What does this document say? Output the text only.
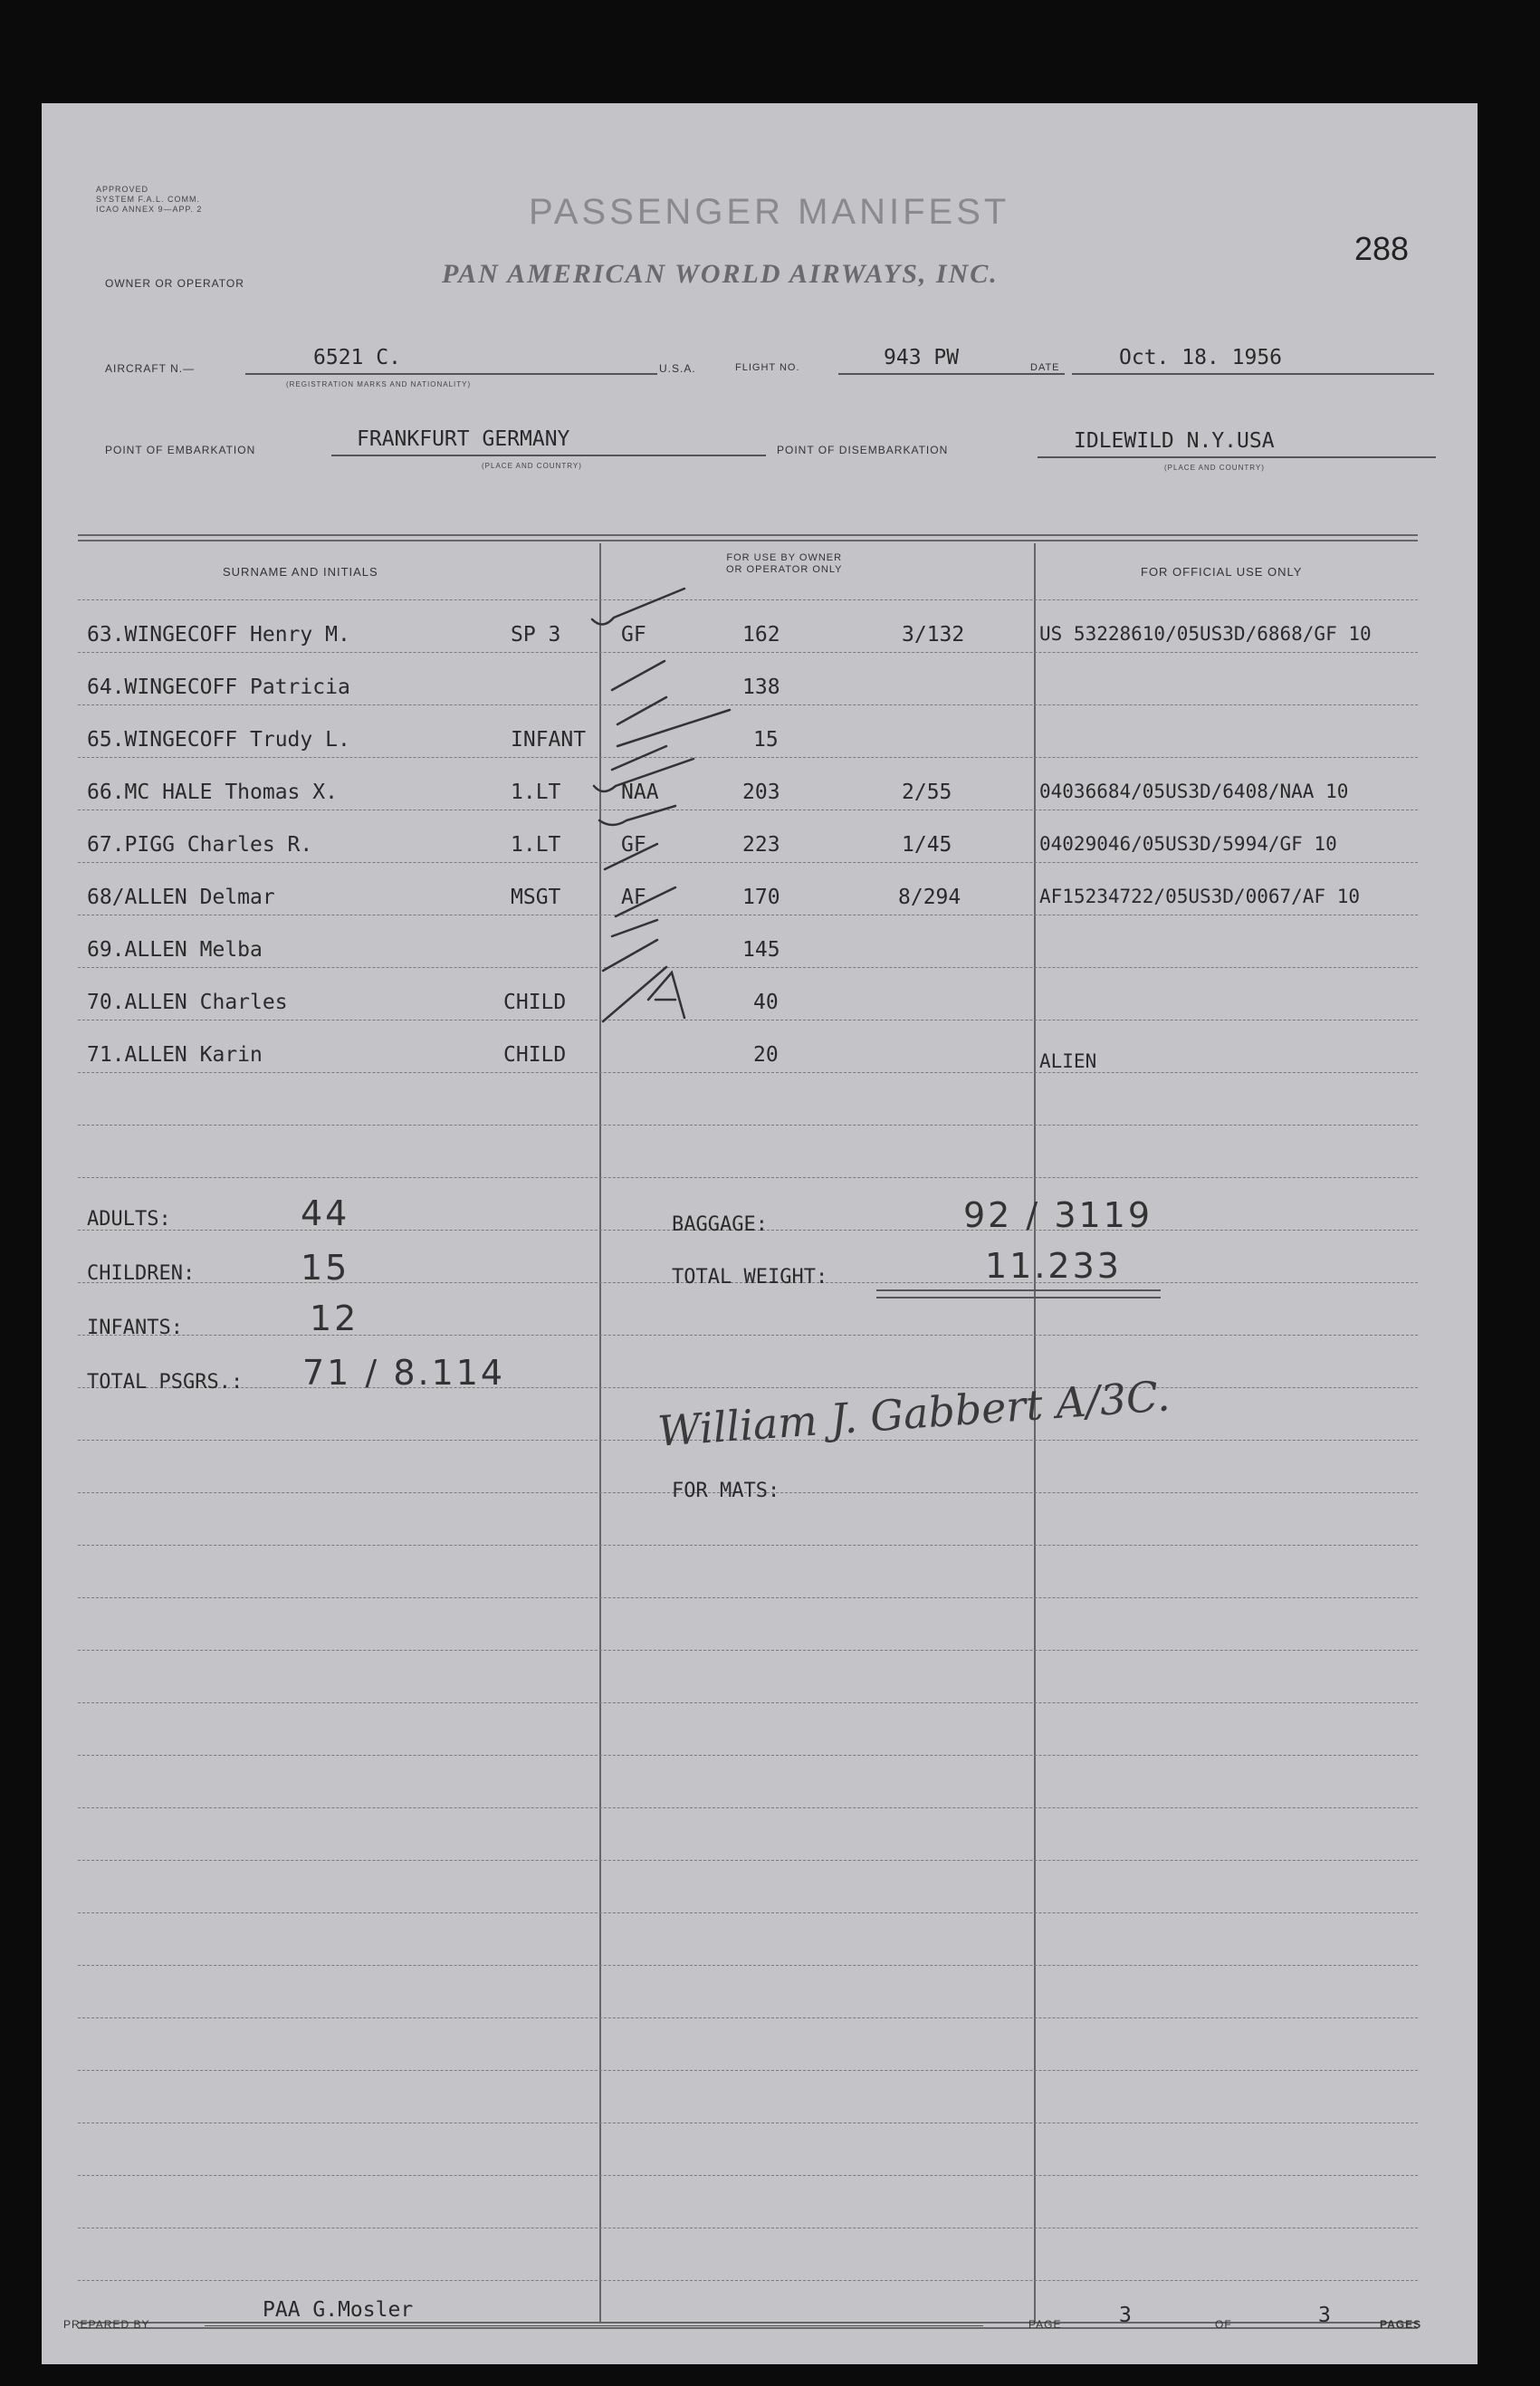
APPROVED
SYSTEM F.A.L. COMM.
ICAO ANNEX 9—APP. 2	PASSENGER MANIFEST
OWNER OR OPERATOR	PAN AMERICAN WORLD AIRWAYS, INC.
288
AIRCRAFT N.—	6521 C.
(REGISTRATION MARKS AND NATIONALITY)
U.S.A.	FLIGHT NO.	943 PW	DATE	Oct. 18. 1956
POINT OF EMBARKATION	FRANKFURT GERMANY
(PLACE AND COUNTRY)
POINT OF DISEMBARKATION	IDLEWILD N.Y.USA
(PLACE AND COUNTRY)
SURNAME AND INITIALS
FOR USE BY OWNER
OR OPERATOR ONLY	FOR OFFICIAL USE ONLY
63.WINGECOFF Henry M.	SP 3	GF	162	3/132	US 53228610/05US3D/6868/GF 10
64.WINGECOFF Patricia	138
65.WINGECOFF Trudy L.	INFANT	15
66.MC HALE Thomas X.	1.LT	NAA	203	2/55	04036684/05US3D/6408/NAA 10
67.PIGG Charles R.	1.LT	GF	223	1/45	04029046/05US3D/5994/GF 10
68/ALLEN Delmar	MSGT	AF	170	8/294	AF15234722/05US3D/0067/AF 10
69.ALLEN Melba	145
70.ALLEN Charles	CHILD	40
71.ALLEN Karin	CHILD	20	ALIEN
ADULTS:	44
CHILDREN:	15
INFANTS:	12
TOTAL PSGRS.: 71 / 8.114
BAGGAGE:	92 / 3119
TOTAL WEIGHT:	11.233
William J. Gabbert A/3C.
FOR MATS:
PREPARED BY
PAA G.Mosler
PAGE	3	OF	3	PAGES
